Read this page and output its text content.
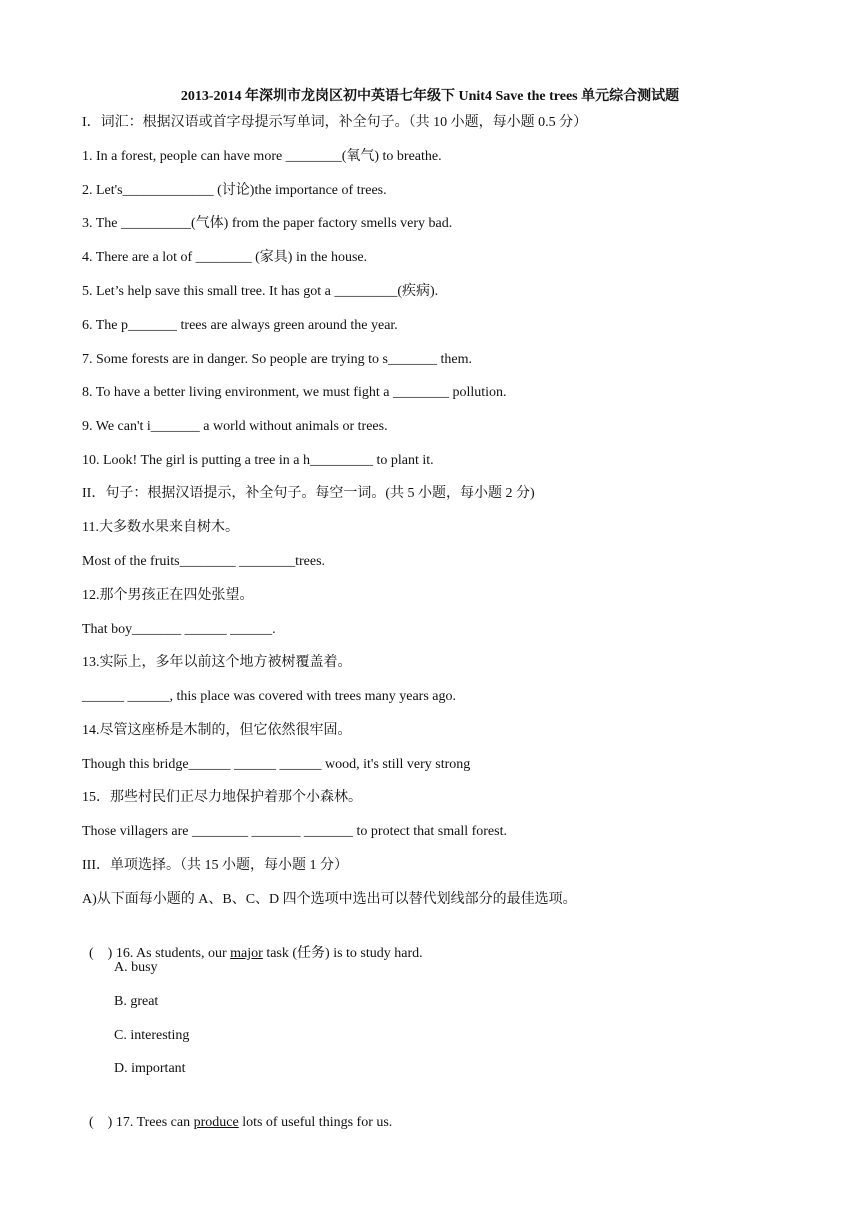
2013-2014 年深圳市龙岗区初中英语七年级下 Unit4 Save the trees 单元综合测试题
I．词汇：根据汉语或首字母提示写单词，补全句子。（共 10 小题，每小题 0.5 分）
1. In a forest, people can have more ________(氧气) to breathe.
2. Let's_____________ (讨论)the importance of trees.
3. The __________(气体) from the paper factory smells very bad.
4. There are a lot of ________ (家具) in the house.
5. Let’s help save this small tree. It has got a _________(疾病).
6. The p_______ trees are always green around the year.
7. Some forests are in danger. So people are trying to s_______ them.
8. To have a better living environment, we must fight a ________ pollution.
9. We can't i_______ a world without animals or trees.
10. Look! The girl is putting a tree in a h_________ to plant it.
II．句子：根据汉语提示，补全句子。每空一词。(共 5 小题，每小题 2 分)
11.大多数水果来自树木。
Most of the fruits________ ________trees.
12.那个男孩正在四处张望。
That boy_______ ______ ______.
13.实际上，多年以前这个地方被树覆盖着。
______ ______, this place was covered with trees many years ago.
14.尽管这座桥是木制的，但它依然很牢固。
Though this bridge______ ______ ______ wood, it's still very strong
15．那些村民们正尽力地保护着那个小森林。
Those villagers are ________ _______ _______ to protect that small forest.
III．单项选择。（共 15 小题，每小题 1 分）
A)从下面每小题的 A、B、C、D 四个选项中选出可以替代划线部分的最佳选项。

(    ) 16. As students, our major task (任务) is to study hard.

A. busy
B. great
C. interesting
D. important

(    ) 17. Trees can produce lots of useful things for us.
